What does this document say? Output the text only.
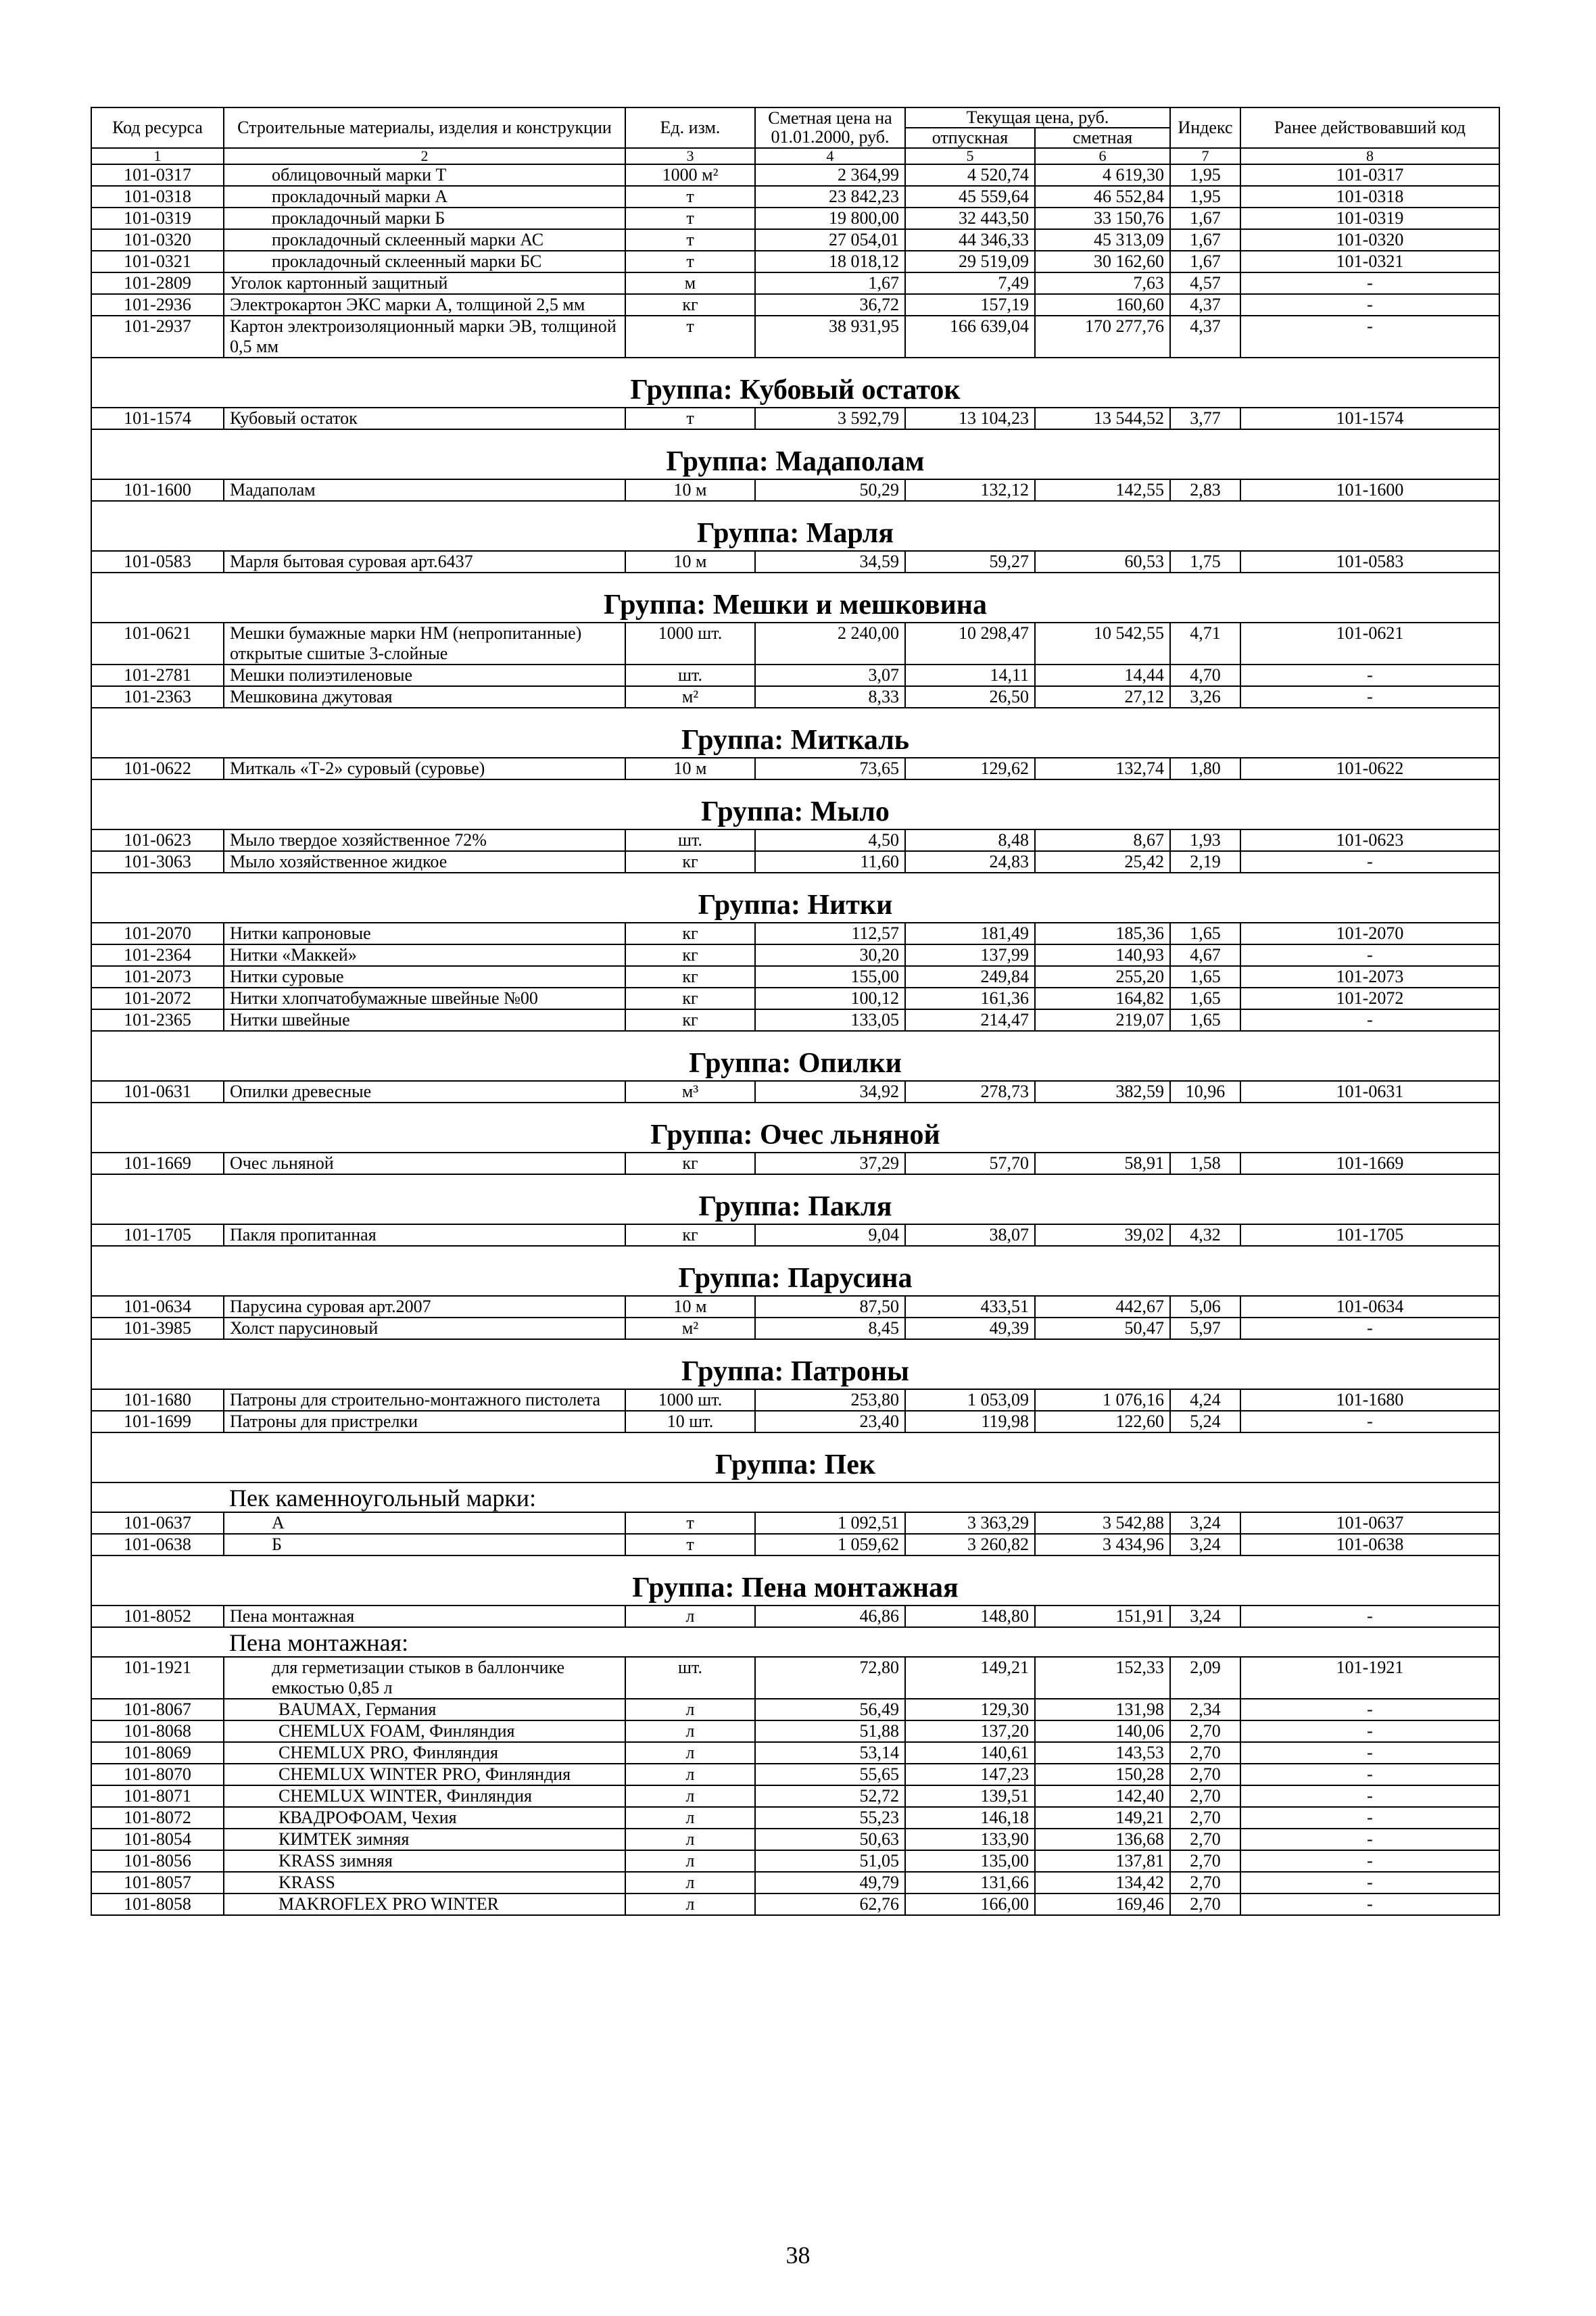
Код ресурса	Строительные материалы, изделия и конструкции	Ед. изм.	Сметная цена на 01.01.2000, руб.	Текущая цена, руб.		Индекс	Ранее действовавший код
				отпускная	сметная		
1	2	3	4	5	6	7	8
101-0317	облицовочный марки Т	1000 м²	2 364,99	4 520,74	4 619,30	1,95	101-0317
101-0318	прокладочный марки А	т	23 842,23	45 559,64	46 552,84	1,95	101-0318
101-0319	прокладочный марки Б	т	19 800,00	32 443,50	33 150,76	1,67	101-0319
101-0320	прокладочный склеенный марки АС	т	27 054,01	44 346,33	45 313,09	1,67	101-0320
101-0321	прокладочный склеенный марки БС	т	18 018,12	29 519,09	30 162,60	1,67	101-0321
101-2809	Уголок картонный защитный	м	1,67	7,49	7,63	4,57	-
101-2936	Электрокартон ЭКС марки А, толщиной 2,5 мм	кг	36,72	157,19	160,60	4,37	-
101-2937	Картон электроизоляционный марки ЭВ, толщиной 0,5 мм	т	38 931,95	166 639,04	170 277,76	4,37	-
Группа: Кубовый остаток							
101-1574	Кубовый остаток	т	3 592,79	13 104,23	13 544,52	3,77	101-1574
Группа: Мадаполам							
101-1600	Мадаполам	10 м	50,29	132,12	142,55	2,83	101-1600
Группа: Марля							
101-0583	Марля бытовая суровая арт.6437	10 м	34,59	59,27	60,53	1,75	101-0583
Группа: Мешки и мешковина							
101-0621	Мешки бумажные марки НМ (непропитанные) открытые сшитые 3-слойные	1000 шт.	2 240,00	10 298,47	10 542,55	4,71	101-0621
101-2781	Мешки полиэтиленовые	шт.	3,07	14,11	14,44	4,70	-
101-2363	Мешковина джутовая	м²	8,33	26,50	27,12	3,26	-
Группа: Миткаль							
101-0622	Миткаль «Т-2» суровый (суровье)	10 м	73,65	129,62	132,74	1,80	101-0622
Группа: Мыло							
101-0623	Мыло твердое хозяйственное 72%	шт.	4,50	8,48	8,67	1,93	101-0623
101-3063	Мыло хозяйственное жидкое	кг	11,60	24,83	25,42	2,19	-
Группа: Нитки							
101-2070	Нитки капроновые	кг	112,57	181,49	185,36	1,65	101-2070
101-2364	Нитки «Маккей»	кг	30,20	137,99	140,93	4,67	-
101-2073	Нитки суровые	кг	155,00	249,84	255,20	1,65	101-2073
101-2072	Нитки хлопчатобумажные швейные №00	кг	100,12	161,36	164,82	1,65	101-2072
101-2365	Нитки швейные	кг	133,05	214,47	219,07	1,65	-
Группа: Опилки							
101-0631	Опилки древесные	м³	34,92	278,73	382,59	10,96	101-0631
Группа: Очес льняной							
101-1669	Очес льняной	кг	37,29	57,70	58,91	1,58	101-1669
Группа: Пакля							
101-1705	Пакля пропитанная	кг	9,04	38,07	39,02	4,32	101-1705
Группа: Парусина							
101-0634	Парусина суровая арт.2007	10 м	87,50	433,51	442,67	5,06	101-0634
101-3985	Холст парусиновый	м²	8,45	49,39	50,47	5,97	-
Группа: Патроны							
101-1680	Патроны для строительно-монтажного пистолета	1000 шт.	253,80	1 053,09	1 076,16	4,24	101-1680
101-1699	Патроны для пристрелки	10 шт.	23,40	119,98	122,60	5,24	-
Группа: Пек							
	Пек каменноугольный марки:						
101-0637	А	т	1 092,51	3 363,29	3 542,88	3,24	101-0637
101-0638	Б	т	1 059,62	3 260,82	3 434,96	3,24	101-0638
Группа: Пена монтажная							
101-8052	Пена монтажная	л	46,86	148,80	151,91	3,24	-
	Пена монтажная:						
101-1921	для герметизации стыков в баллончике емкостью 0,85 л	шт.	72,80	149,21	152,33	2,09	101-1921
101-8067	BAUMAX, Германия	л	56,49	129,30	131,98	2,34	-
101-8068	CHEMLUX FOAM, Финляндия	л	51,88	137,20	140,06	2,70	-
101-8069	CHEMLUX PRO, Финляндия	л	53,14	140,61	143,53	2,70	-
101-8070	CHEMLUX WINTER PRO, Финляндия	л	55,65	147,23	150,28	2,70	-
101-8071	CHEMLUX WINTER, Финляндия	л	52,72	139,51	142,40	2,70	-
101-8072	КВАДРОФОАМ, Чехия	л	55,23	146,18	149,21	2,70	-
101-8054	КИМТЕК зимняя	л	50,63	133,90	136,68	2,70	-
101-8056	KRASS зимняя	л	51,05	135,00	137,81	2,70	-
101-8057	KRASS	л	49,79	131,66	134,42	2,70	-
101-8058	MAKROFLEX PRO WINTER	л	62,76	166,00	169,46	2,70	-
38
